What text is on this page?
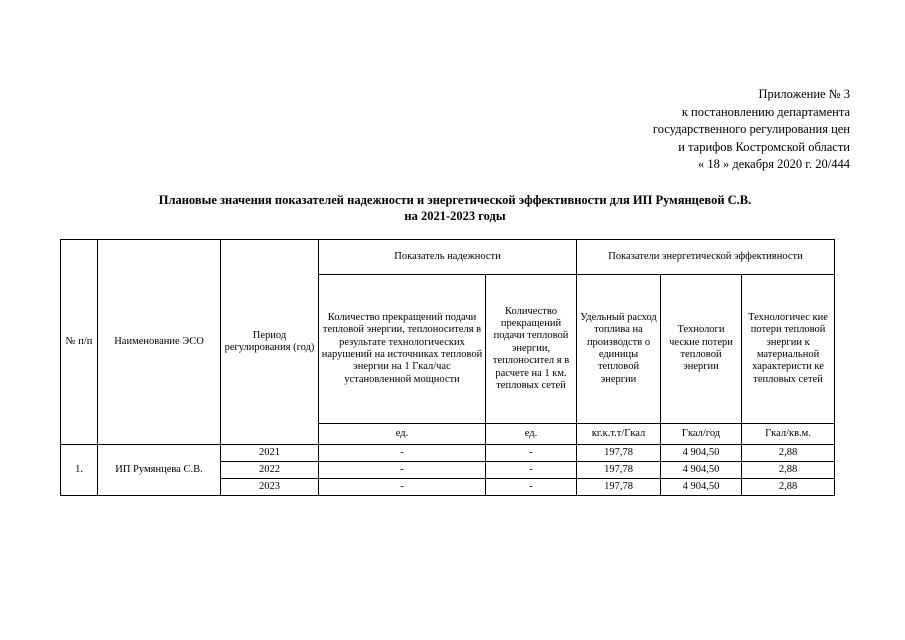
Приложение № 3
к постановлению департамента
государственного регулирования цен
и тарифов Костромской области
« 18 » декабря 2020 г. 20/444
Плановые значения показателей надежности и энергетической эффективности для ИП Румянцевой С.В.
на 2021-2023 годы
№ п/п	Наименование ЭСО	Период регулирования (год)	Показатель надежности		Показатели энергетической эффективности		
			Количество прекращений подачи тепловой энергии, теплоносителя в результате технологических нарушений на источниках тепловой энергии на 1 Гкал/час установленной мощности	Количество прекращений подачи тепловой энергии, теплоносител я в расчете на 1 км. тепловых сетей	Удельный расход топлива на производств о единицы тепловой энергии	Технологи ческие потери тепловой энергии	Технологичес кие потери тепловой энергии к материальной характеристи ке тепловых сетей
			ед.	ед.	кг.к.т.т/Гкал	Гкал/год	Гкал/кв.м.
1.	ИП Румянцева С.В.	2021	-	-	197,78	4 904,50	2,88
		2022	-	-	197,78	4 904,50	2,88
		2023	-	-	197,78	4 904,50	2,88
